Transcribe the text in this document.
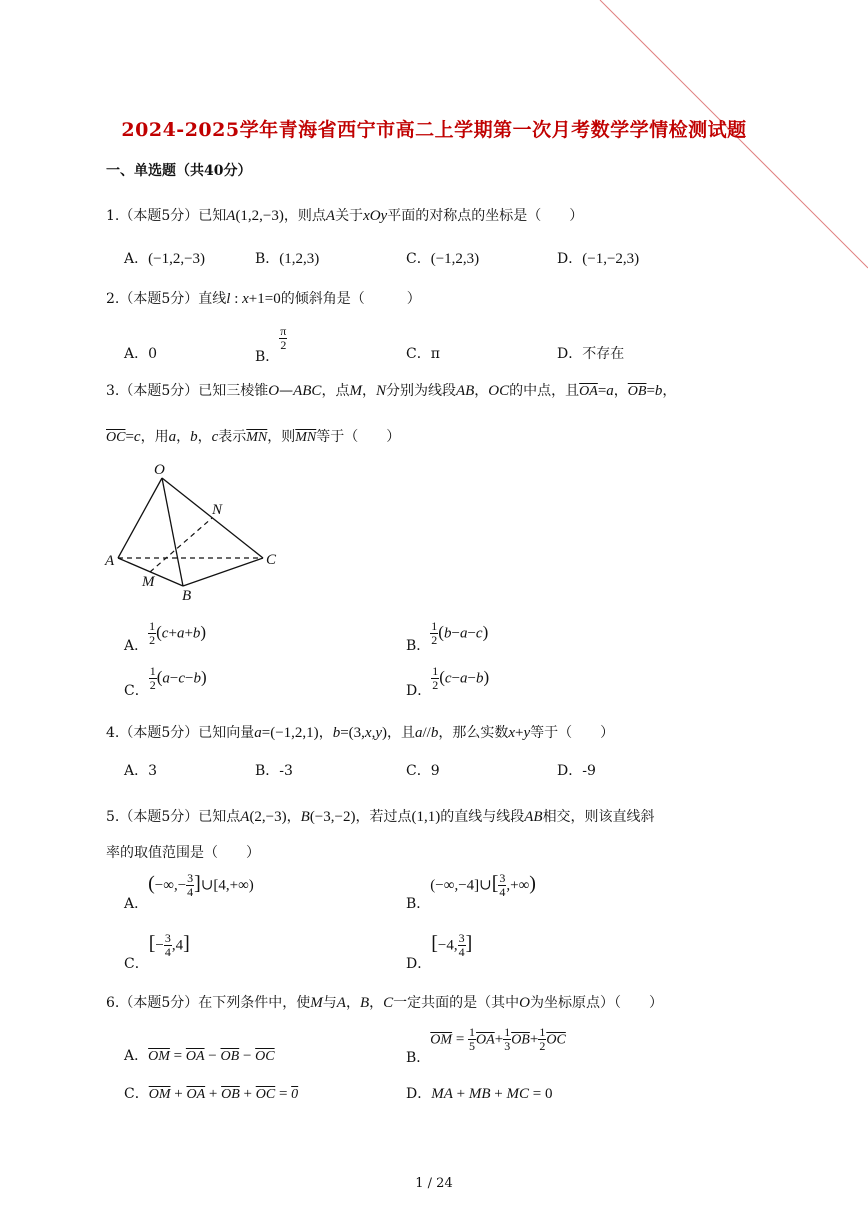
2024-2025学年青海省西宁市高二上学期第一次月考数学学情检测试题
一、单选题（共40分）
1.（本题5分）已知A(1,2,−3)，则点A关于xOy平面的对称点的坐标是（　　）
A．(−1,2,−3)	B．(1,2,3)	C．(−1,2,3)	D．(−1,−2,3)
2.（本题5分）直线l : x+1=0的倾斜角是（　　　）
A．0	B．
$\frac{\pi}{2}$
C．π	D．不存在
3.（本题5分）已知三棱锥O—ABC，点M，N分别为线段AB，OC的中点，且$\overline{OA}=a$，$\overline{OB}=b$，
$\overline{OC}=c$，用a，b，c表示$\overline{MN}$，则$\overline{MN}$等于（　　）
O
N
A	C
M
B
A． $\frac{1}{2} (c+a+b)$
B． $\frac{1}{2} (b-a-c)$
C． $\frac{1}{2} (a-c-b)$
D． $\frac{1}{2} (c-a-b)$
4.（本题5分）已知向量a=(−1,2,1)，b=(3,x,y)，且a//b，那么实数x+y等于（　　）
A．3	B．-3	C．9	D．-9
5.（本题5分）已知点A(2,−3)，B(−3,−2)，若过点(1,1)的直线与线段AB相交，则该直线斜
率的取值范围是（　　）
A．(−∞,− $\frac{3}{4}$ ]∪[4,+∞)
B．(−∞,−4]∪[ $\frac{3}{4}$ ,+∞)
C．[− $\frac{3}{4} ,4$]
D．[−4, $\frac{3}{4}$ ]
6.（本题5分）在下列条件中，使M与A，B，C一定共面的是（其中O为坐标原点）（　　）
A．$\overline{OM} = \overline{OA} - \overline{OB} - \overline{OC}$	B．$\overline{OM} = \frac{1}{5} \overline{OA}+ \frac{1}{3} \overline{OB}+ \frac{1}{2} \overline{OC}$
C．$\overline{OM} + \overline{OA} + \overline{OB} + \overline{OC} = 0$	D．MA + MB + MC = 0
1 / 24
